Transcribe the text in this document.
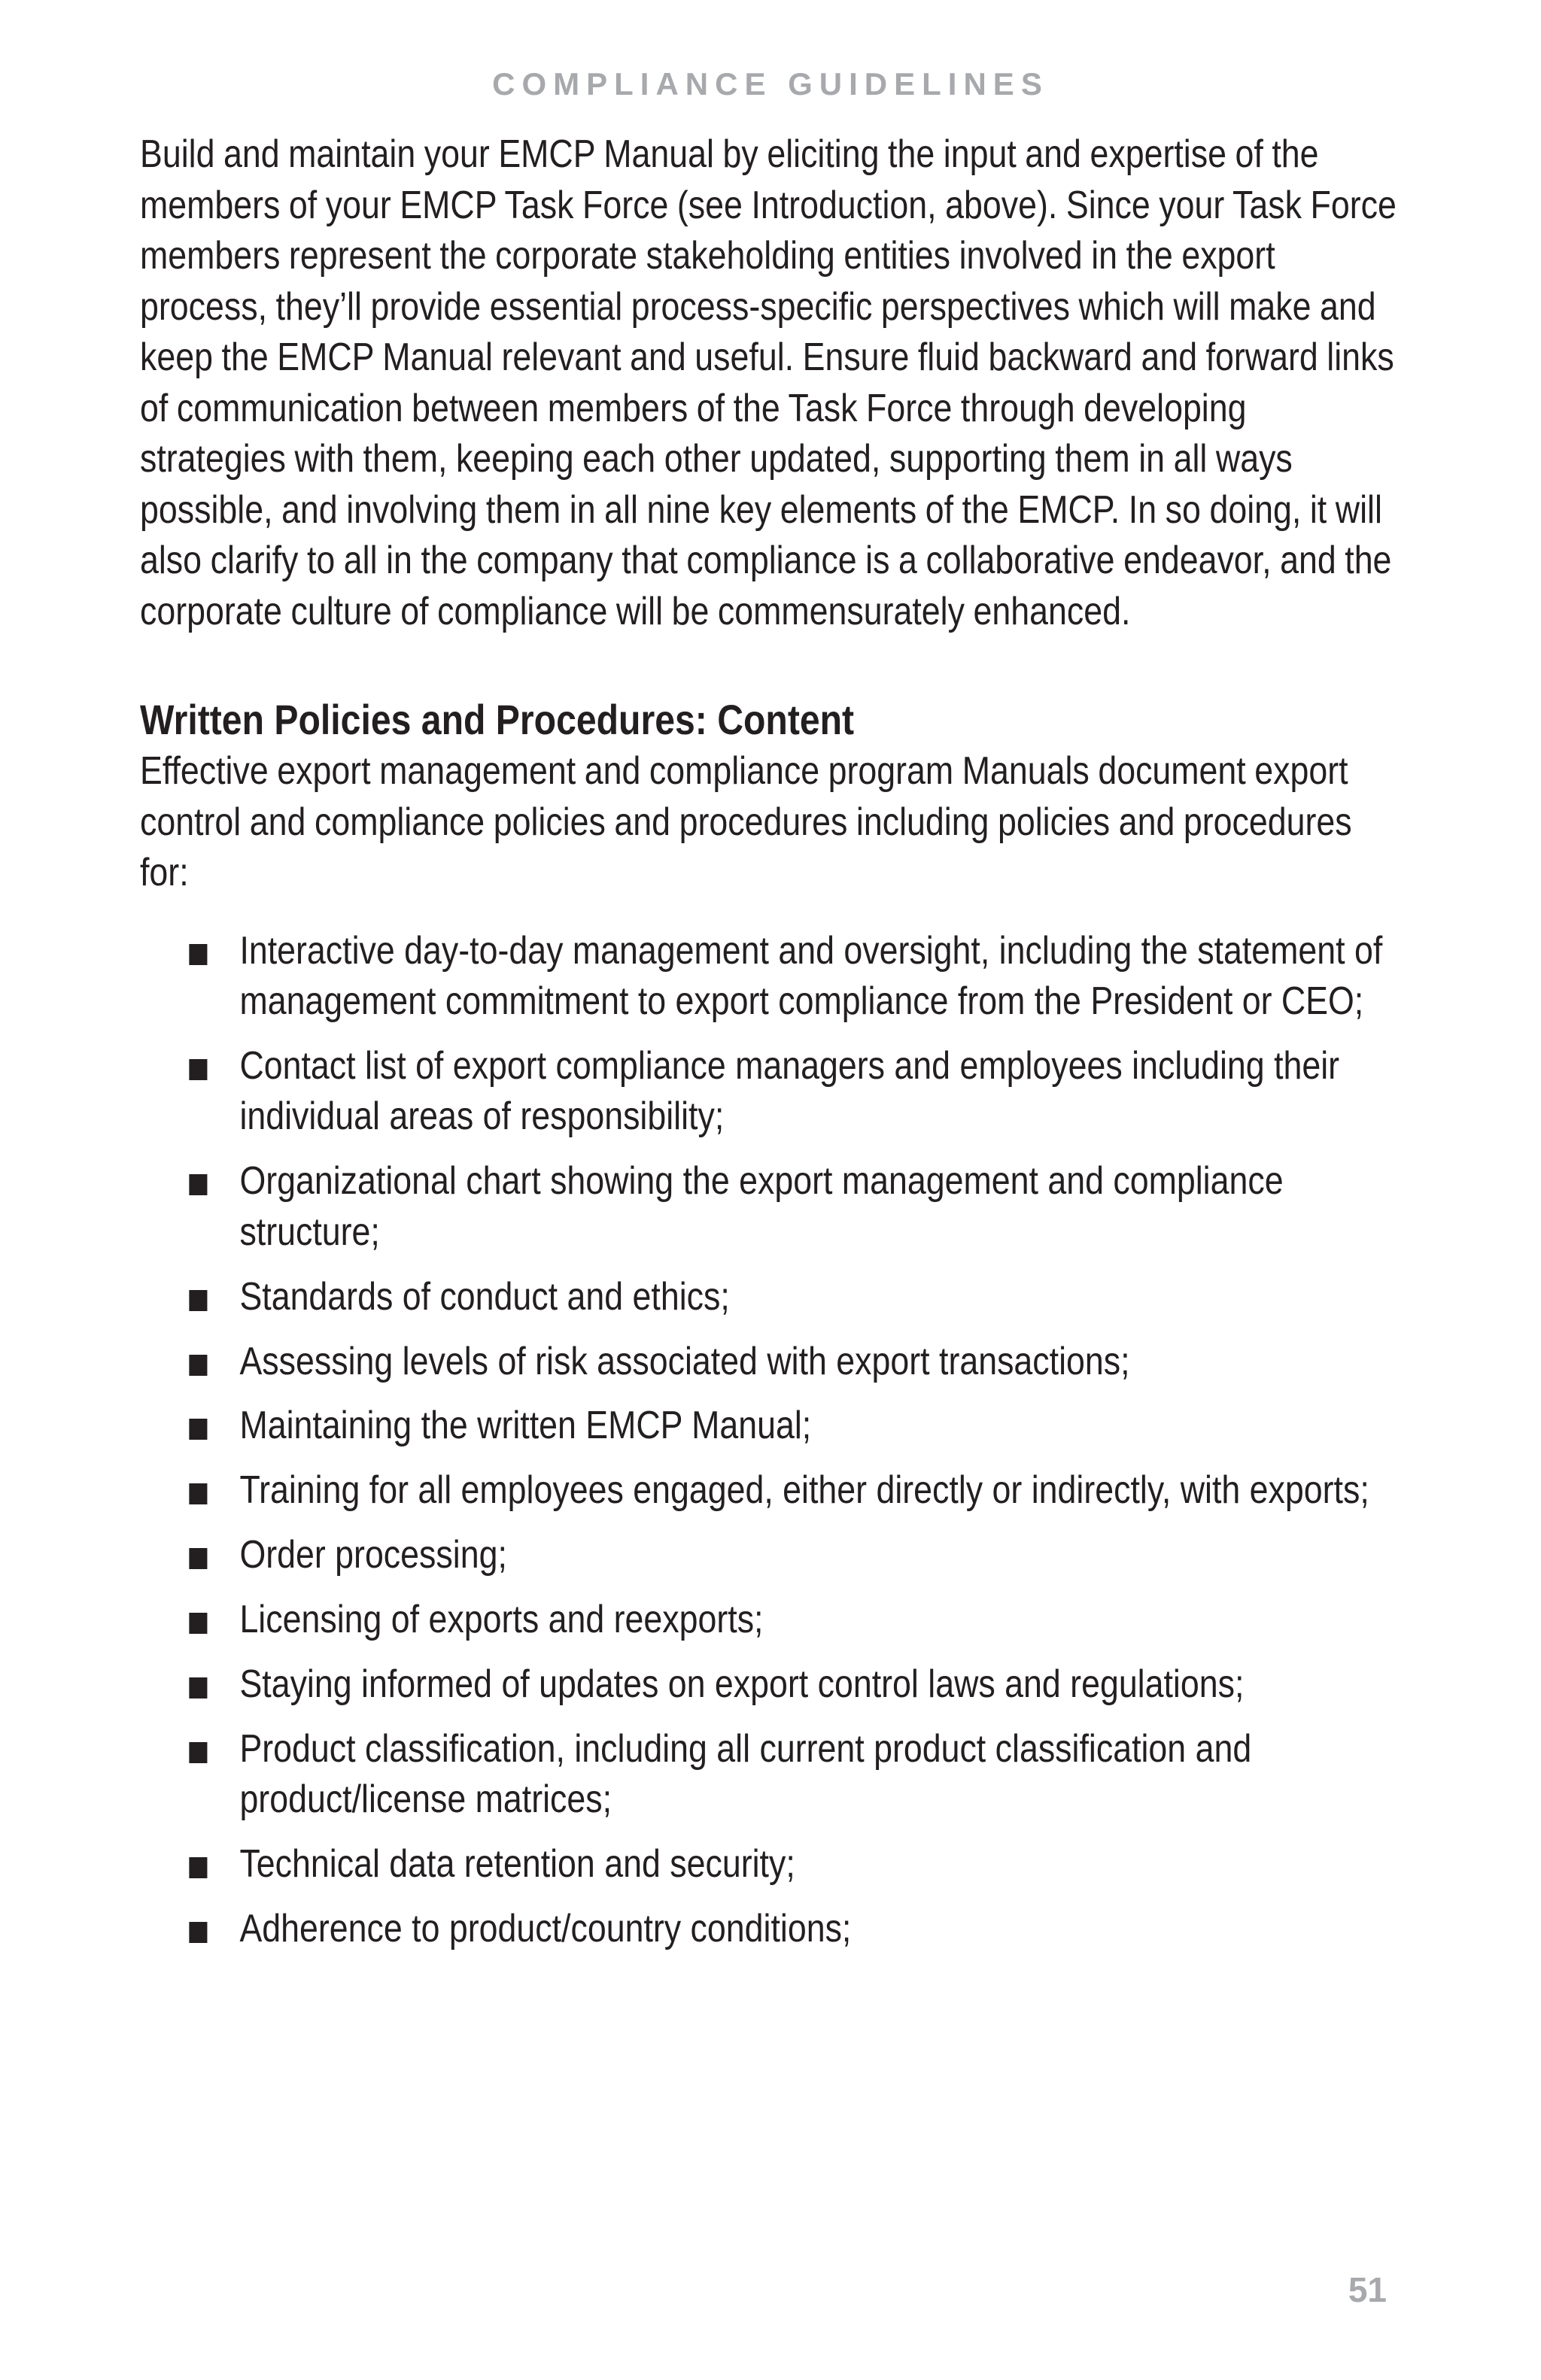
COMPLIANCE GUIDELINES

Build and maintain your EMCP Manual by eliciting the input and expertise of the members of your EMCP Task Force (see Introduction, above). Since your Task Force members represent the corporate stakeholding entities involved in the export process, they’ll provide essential process-specific perspectives which will make and keep the EMCP Manual relevant and useful. Ensure fluid backward and forward links of communication between members of the Task Force through developing strategies with them, keeping each other updated, supporting them in all ways possible, and involving them in all nine key elements of the EMCP. In so doing, it will also clarify to all in the company that compliance is a collaborative endeavor, and the corporate culture of compliance will be commensurately enhanced.

Written Policies and Procedures: Content

Effective export management and compliance program Manuals document export control and compliance policies and procedures including policies and procedures for:

Interactive day-to-day management and oversight, including the statement of management commitment to export compliance from the President or CEO;
Contact list of export compliance managers and employees including their individual areas of responsibility;
Organizational chart showing the export management and compliance structure;
Standards of conduct and ethics;
Assessing levels of risk associated with export transactions;
Maintaining the written EMCP Manual;
Training for all employees engaged, either directly or indirectly, with exports;
Order processing;
Licensing of exports and reexports;
Staying informed of updates on export control laws and regulations;
Product classification, including all current product classification and product/license matrices;
Technical data retention and security;
Adherence to product/country conditions;
51
